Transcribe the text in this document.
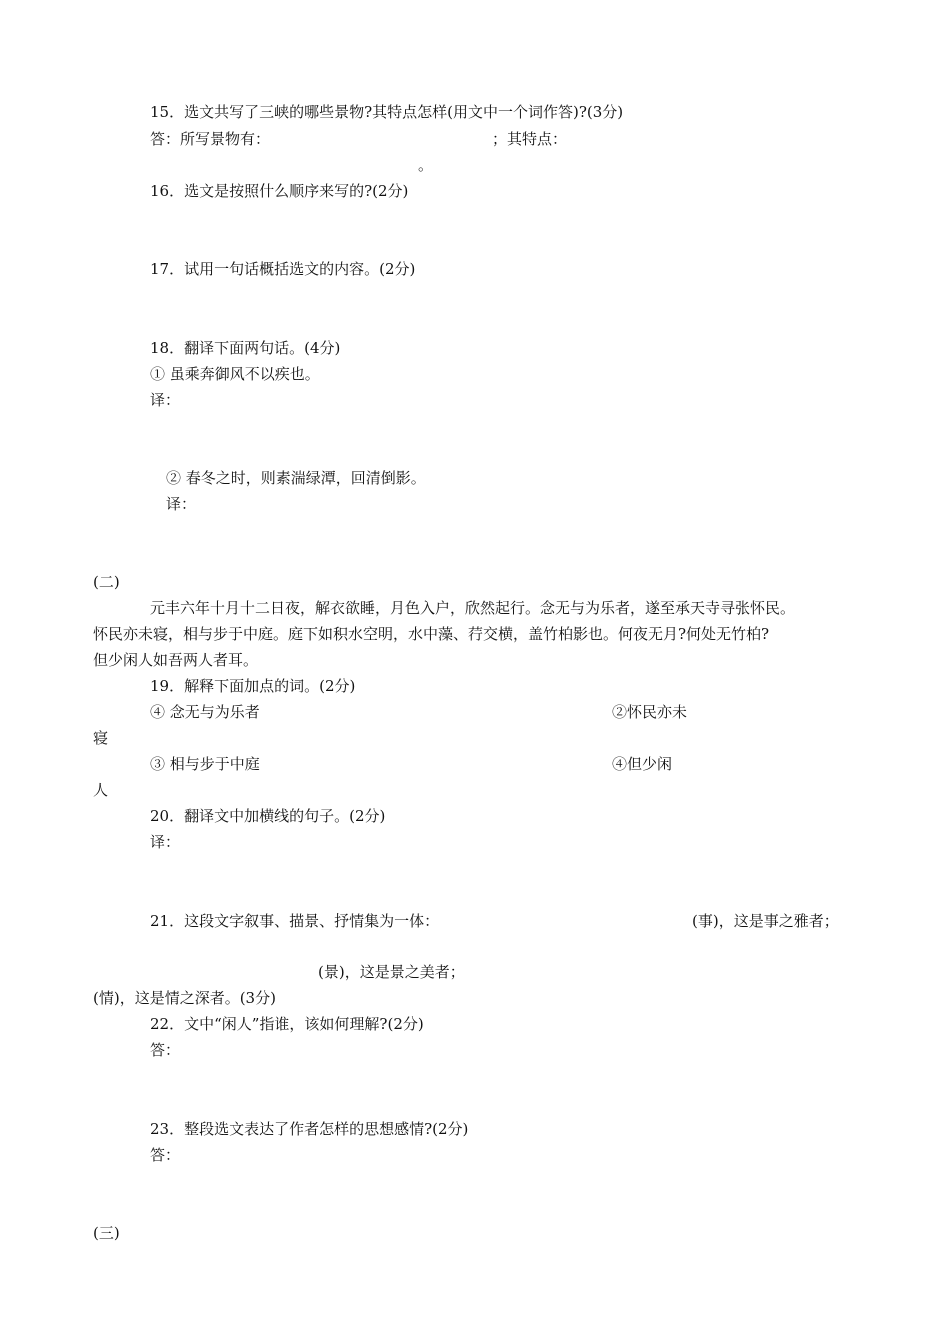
15．选文共写了三峡的哪些景物?其特点怎样(用文中一个词作答)?(3分)
答：所写景物有：	；其特点：
。
16．选文是按照什么顺序来写的?(2分)
17．试用一句话概括选文的内容。(2分)
18．翻译下面两句话。(4分)
① 虽乘奔御风不以疾也。
译：
② 春冬之时，则素湍绿潭，回清倒影。
译：
(二)
元丰六年十月十二日夜，解衣欲睡，月色入户，欣然起行。念无与为乐者，遂至承天寺寻张怀民。
怀民亦未寝，相与步于中庭。庭下如积水空明，水中藻、荇交横，盖竹柏影也。何夜无月?何处无竹柏?
但少闲人如吾两人者耳。
19．解释下面加点的词。(2分)
④ 念无与为乐者	②怀民亦未
寝
③ 相与步于中庭	④但少闲
人
20．翻译文中加横线的句子。(2分)
译：
21．这段文字叙事、描景、抒情集为一体：	(事)，这是事之雅者；
(景)，这是景之美者；
(情)，这是情之深者。(3分)
22．文中“闲人”指谁，该如何理解?(2分)
答：
23．整段选文表达了作者怎样的思想感情?(2分)
答：
(三)
